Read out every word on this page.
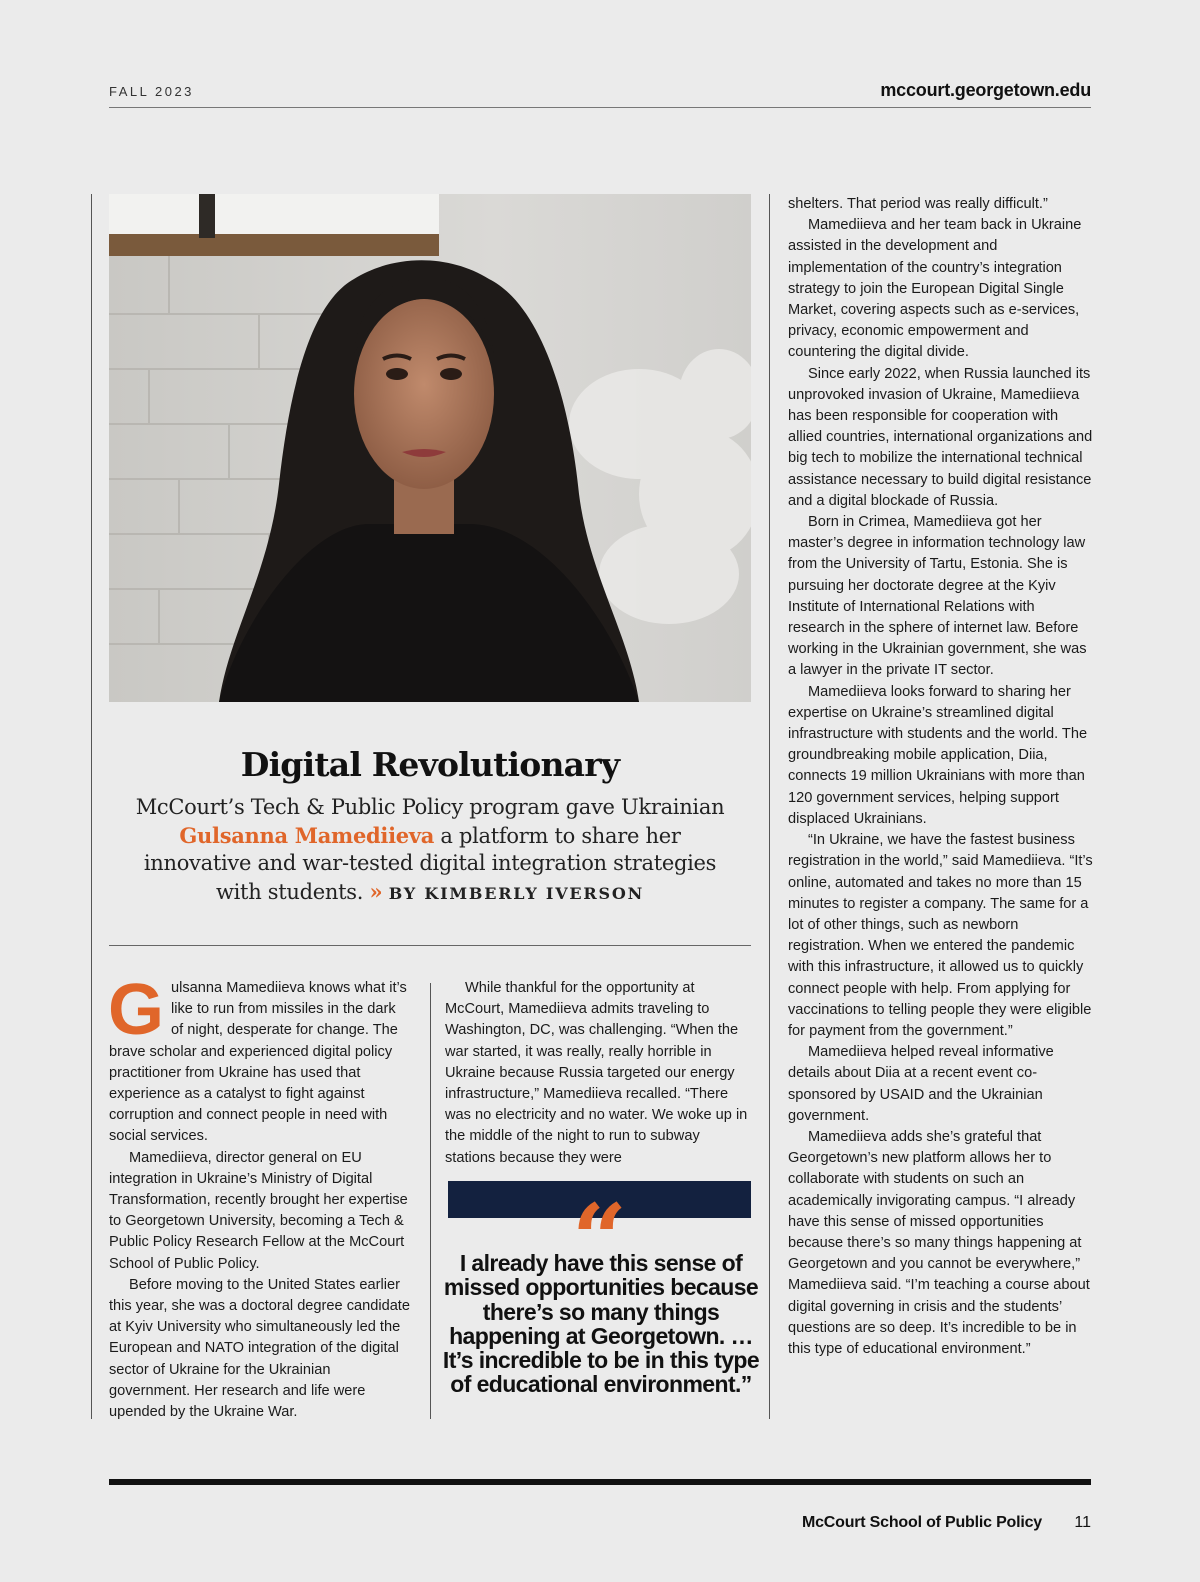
FALL 2023	mccourt.georgetown.edu
Digital Revolutionary
McCourt’s Tech & Public Policy program gave Ukrainian Gulsanna Mamediieva a platform to share her innovative and war-tested digital integration strategies with students. » BY KIMBERLY IVERSON

Gulsanna Mamediieva knows what it’s like to run from missiles in the dark of night, desperate for change. The brave scholar and experienced digital policy practitioner from Ukraine has used that experience as a catalyst to fight against corruption and connect people in need with social services.

Mamediieva, director general on EU integration in Ukraine’s Ministry of Digital Transformation, recently brought her expertise to Georgetown University, becoming a Tech & Public Policy Research Fellow at the McCourt School of Public Policy.

Before moving to the United States earlier this year, she was a doctoral degree candidate at Kyiv University who simultaneously led the European and NATO integration of the digital sector of Ukraine for the Ukrainian government. Her research and life were upended by the Ukraine War.

While thankful for the opportunity at McCourt, Mamediieva admits traveling to Washington, DC, was challenging. “When the war started, it was really, really horrible in Ukraine because Russia targeted our energy infrastructure,” Mamediieva recalled. “There was no electricity and no water. We woke up in the middle of the night to run to subway stations because they were

“
I already have this sense of missed opportunities because there’s so many things happening at Georgetown. … It’s incredible to be in this type of educational environment.”

shelters. That period was really difficult.”

Mamediieva and her team back in Ukraine assisted in the development and implementation of the country’s integration strategy to join the European Digital Single Market, covering aspects such as e-services, privacy, economic empowerment and countering the digital divide.

Since early 2022, when Russia launched its unprovoked invasion of Ukraine, Mamediieva has been responsible for cooperation with allied countries, international organizations and big tech to mobilize the international technical assistance necessary to build digital resistance and a digital blockade of Russia.

Born in Crimea, Mamediieva got her master’s degree in information technology law from the University of Tartu, Estonia. She is pursuing her doctorate degree at the Kyiv Institute of International Relations with research in the sphere of internet law. Before working in the Ukrainian government, she was a lawyer in the private IT sector.

Mamediieva looks forward to sharing her expertise on Ukraine’s streamlined digital infrastructure with students and the world. The groundbreaking mobile application, Diia, connects 19 million Ukrainians with more than 120 government services, helping support displaced Ukrainians.

“In Ukraine, we have the fastest business registration in the world,” said Mamediieva. “It’s online, automated and takes no more than 15 minutes to register a company. The same for a lot of other things, such as newborn registration. When we entered the pandemic with this infrastructure, it allowed us to quickly connect people with help. From applying for vaccinations to telling people they were eligible for payment from the government.”

Mamediieva helped reveal informative details about Diia at a recent event co-sponsored by USAID and the Ukrainian government.

Mamediieva adds she’s grateful that Georgetown’s new platform allows her to collaborate with students on such an academically invigorating campus. “I already have this sense of missed opportunities because there’s so many things happening at Georgetown and you cannot be everywhere,” Mamediieva said. “I’m teaching a course about digital governing in crisis and the students’ questions are so deep. It’s incredible to be in this type of educational environment.”

McCourt School of Public Policy 11
